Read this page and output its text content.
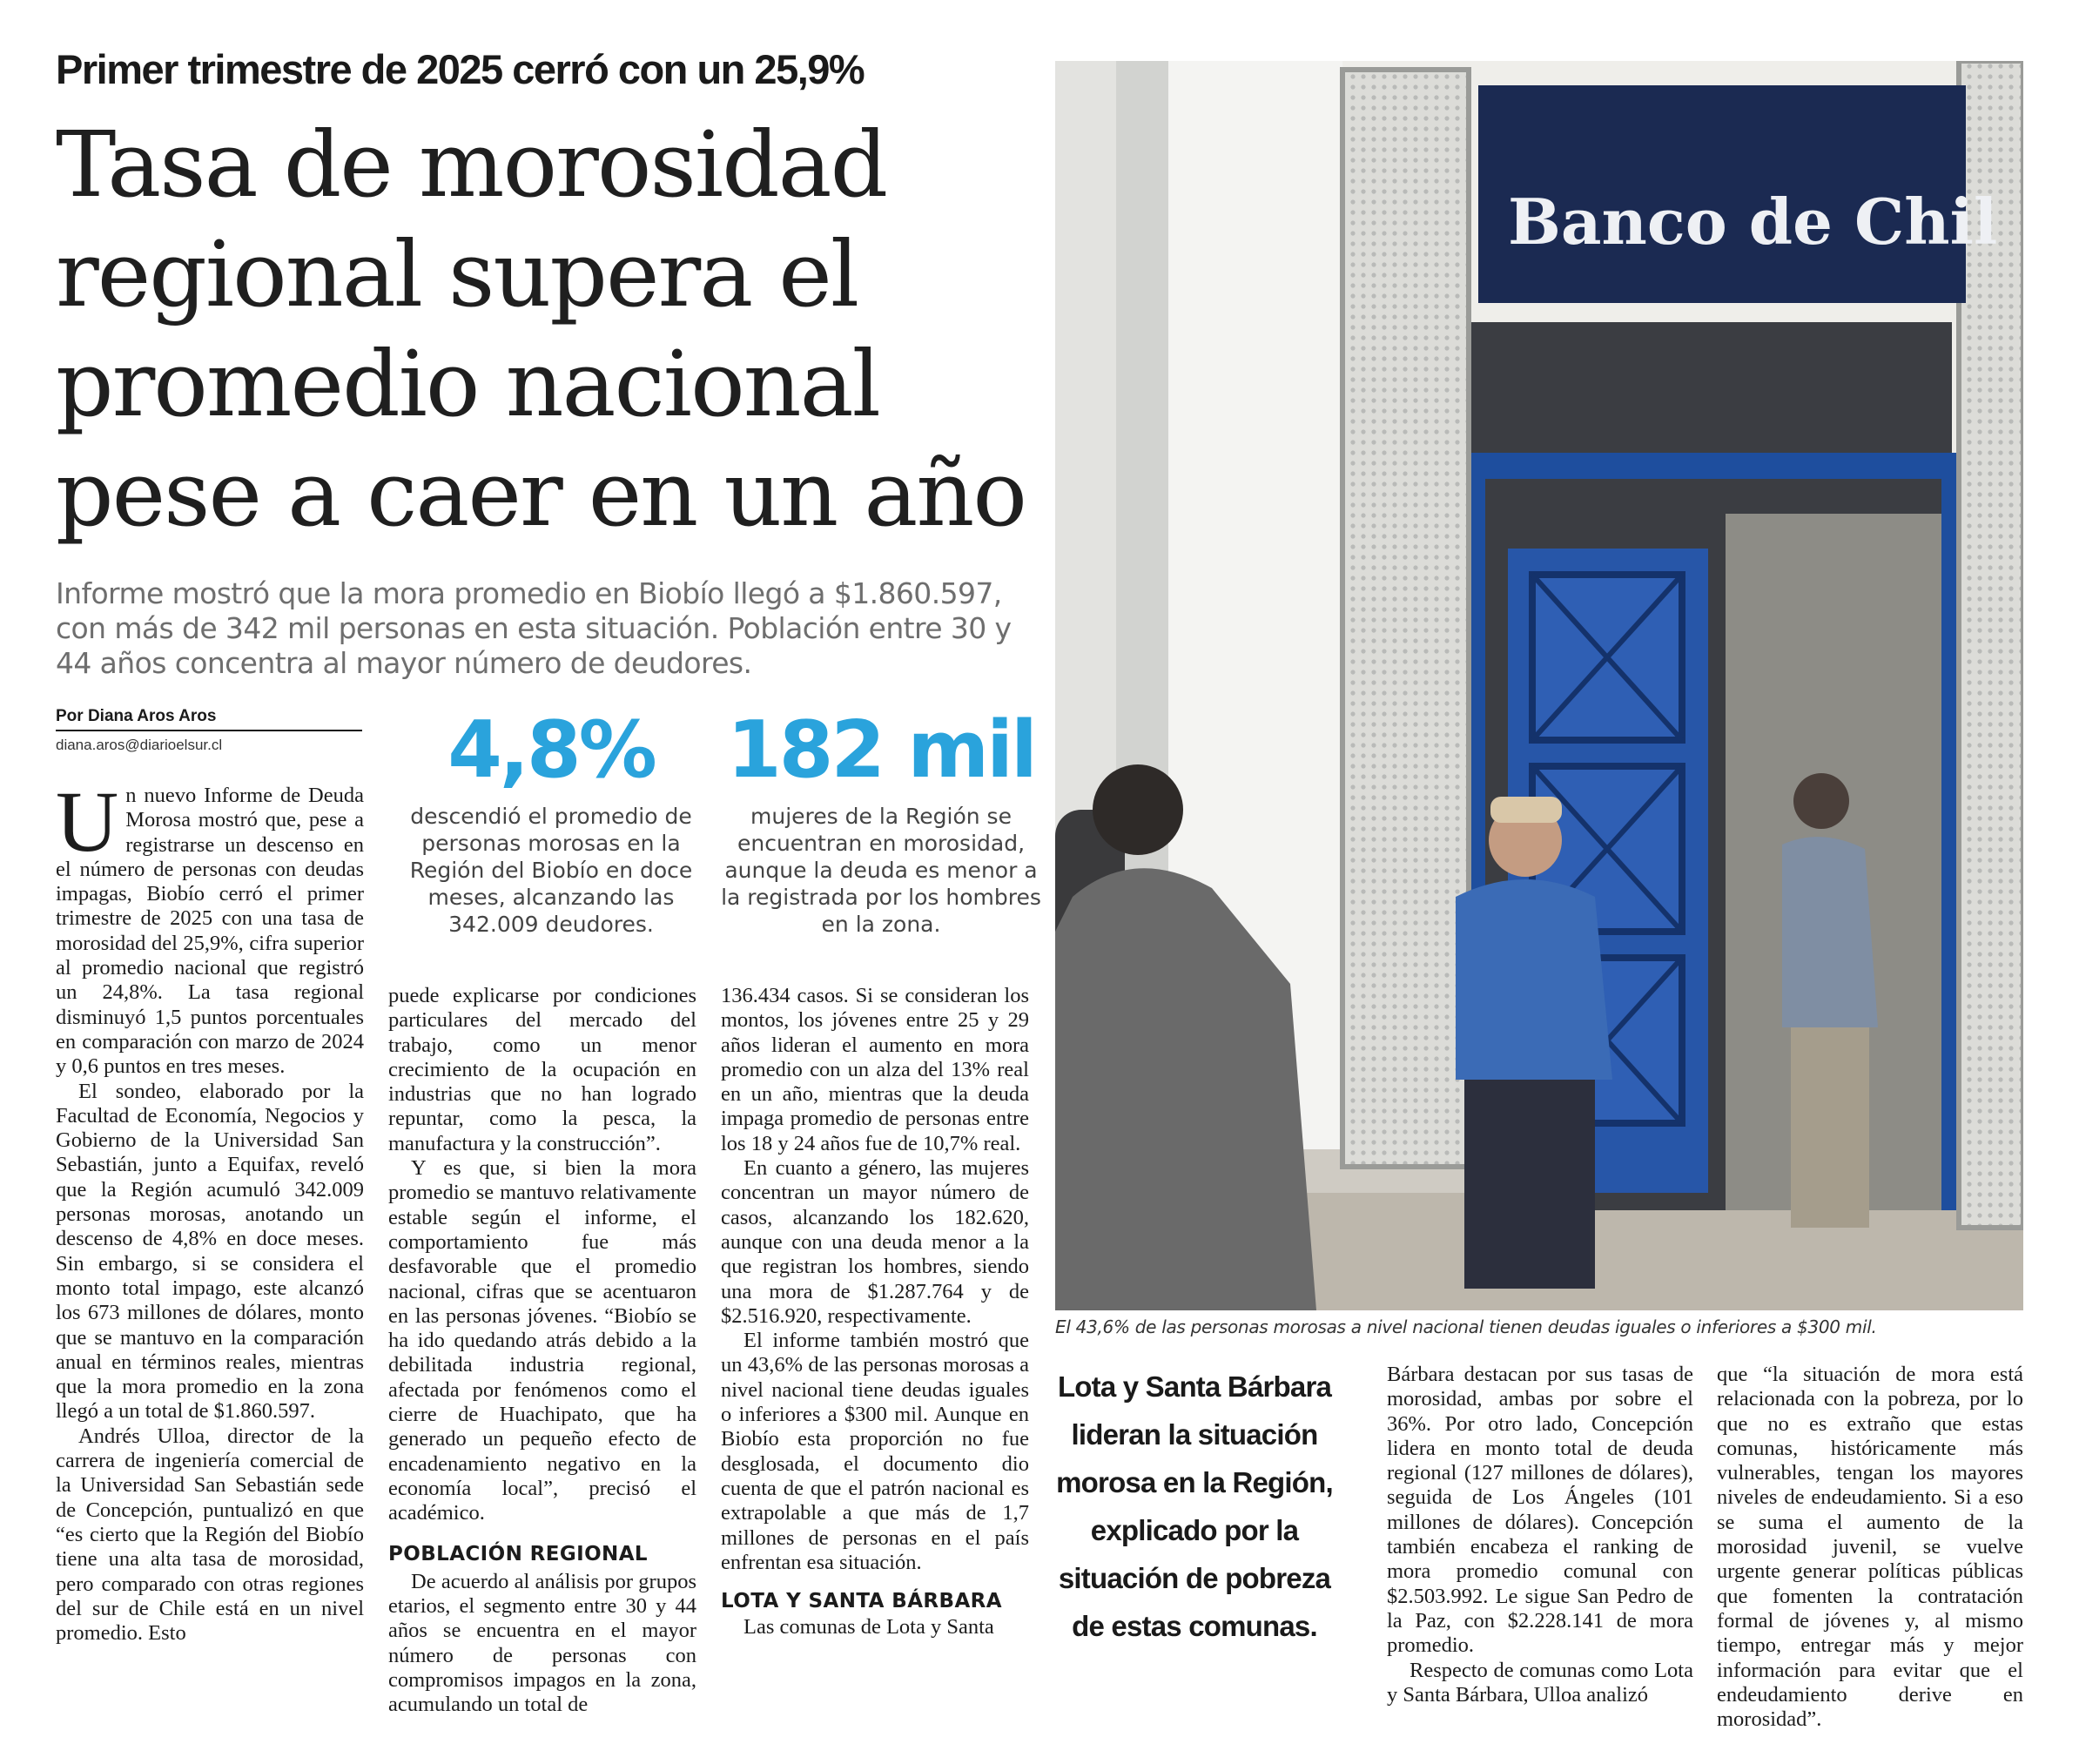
Primer trimestre de 2025 cerró con un 25,9%
Tasa de morosidad
regional supera el
promedio nacional
pese a caer en un año
Informe mostró que la mora promedio en Biobío llegó a $1.860.597, con más de 342 mil personas en esta situación. Población entre 30 y 44 años concentra al mayor número de deudores.
Por Diana Aros Aros
diana.aros@diarioelsur.cl	4,8%
descendió el promedio de personas morosas en la Región del Biobío en doce meses, alcanzando las 342.009 deudores.
182 mil
mujeres de la Región se encuentran en morosidad, aunque la deuda es menor a la registrada por los hombres en la zona.
U n nuevo Informe de Deuda Morosa mostró que, pese a registrarse un descenso en el número de personas con deudas impagas, Biobío cerró el primer trimestre de 2025 con una tasa de morosidad del 25,9%, cifra superior al promedio nacional que registró un 24,8%. La tasa regional disminuyó 1,5 puntos porcentuales en comparación con marzo de 2024 y 0,6 puntos en tres meses.

El sondeo, elaborado por la Facultad de Economía, Negocios y Gobierno de la Universidad San Sebastián, junto a Equifax, reveló que la Región acumuló 342.009 personas morosas, anotando un descenso de 4,8% en doce meses. Sin embargo, si se considera el monto total impago, este alcanzó los 673 millones de dólares, monto que se mantuvo en la comparación anual en términos reales, mientras que la mora promedio en la zona llegó a un total de $1.860.597.

Andrés Ulloa, director de la carrera de ingeniería comercial de la Universidad San Sebastián sede de Concepción, puntualizó en que “es cierto que la Región del Biobío tiene una alta tasa de morosidad, pero comparado con otras regiones del sur de Chile está en un nivel promedio. Esto

puede explicarse por condiciones particulares del mercado del trabajo, como un menor crecimiento de la ocupación en industrias que no han logrado repuntar, como la pesca, la manufactura y la construcción”.

Y es que, si bien la mora promedio se mantuvo relativamente estable según el informe, el comportamiento fue más desfavorable que el promedio nacional, cifras que se acentuaron en las personas jóvenes. “Biobío se ha ido quedando atrás debido a la debilitada industria regional, afectada por fenómenos como el cierre de Huachipato, que ha generado un pequeño efecto de encadenamiento negativo en la economía local”, precisó el académico.

POBLACIÓN REGIONAL

De acuerdo al análisis por grupos etarios, el segmento entre 30 y 44 años se encuentra en el mayor número de personas con compromisos impagos en la zona, acumulando un total de

136.434 casos. Si se consideran los montos, los jóvenes entre 25 y 29 años lideran el aumento en mora promedio con un alza del 13% real en un año, mientras que la deuda impaga promedio de personas entre los 18 y 24 años fue de 10,7% real.

En cuanto a género, las mujeres concentran un mayor número de casos, alcanzando los 182.620, aunque con una deuda menor a la que registran los hombres, siendo una mora de $1.287.764 y de $2.516.920, respectivamente.

El informe también mostró que un 43,6% de las personas morosas a nivel nacional tiene deudas iguales o inferiores a $300 mil. Aunque en Biobío esta proporción no fue desglosada, el documento dio cuenta de que el patrón nacional es extrapolable a que más de 1,7 millones de personas en el país enfrentan esa situación.

LOTA Y SANTA BÁRBARA

Las comunas de Lota y Santa

Banco de Chil
El 43,6% de las personas morosas a nivel nacional tienen deudas iguales o inferiores a $300 mil.
Lota y Santa Bárbara lideran la situación morosa en la Región, explicado por la situación de pobreza de estas comunas.

Bárbara destacan por sus tasas de morosidad, ambas por sobre el 36%. Por otro lado, Concepción lidera en monto total de deuda regional (127 millones de dólares), seguida de Los Ángeles (101 millones de dólares). Concepción también encabeza el ranking de mora promedio comunal con $2.503.992. Le sigue San Pedro de la Paz, con $2.228.141 de mora promedio.

Respecto de comunas como Lota y Santa Bárbara, Ulloa analizó

que “la situación de mora está relacionada con la pobreza, por lo que no es extraño que estas comunas, históricamente más vulnerables, tengan los mayores niveles de endeudamiento. Si a eso se suma el aumento de la morosidad juvenil, se vuelve urgente generar políticas públicas que fomenten la contratación formal de jóvenes y, al mismo tiempo, entregar más y mejor información para evitar que el endeudamiento derive en morosidad”.
